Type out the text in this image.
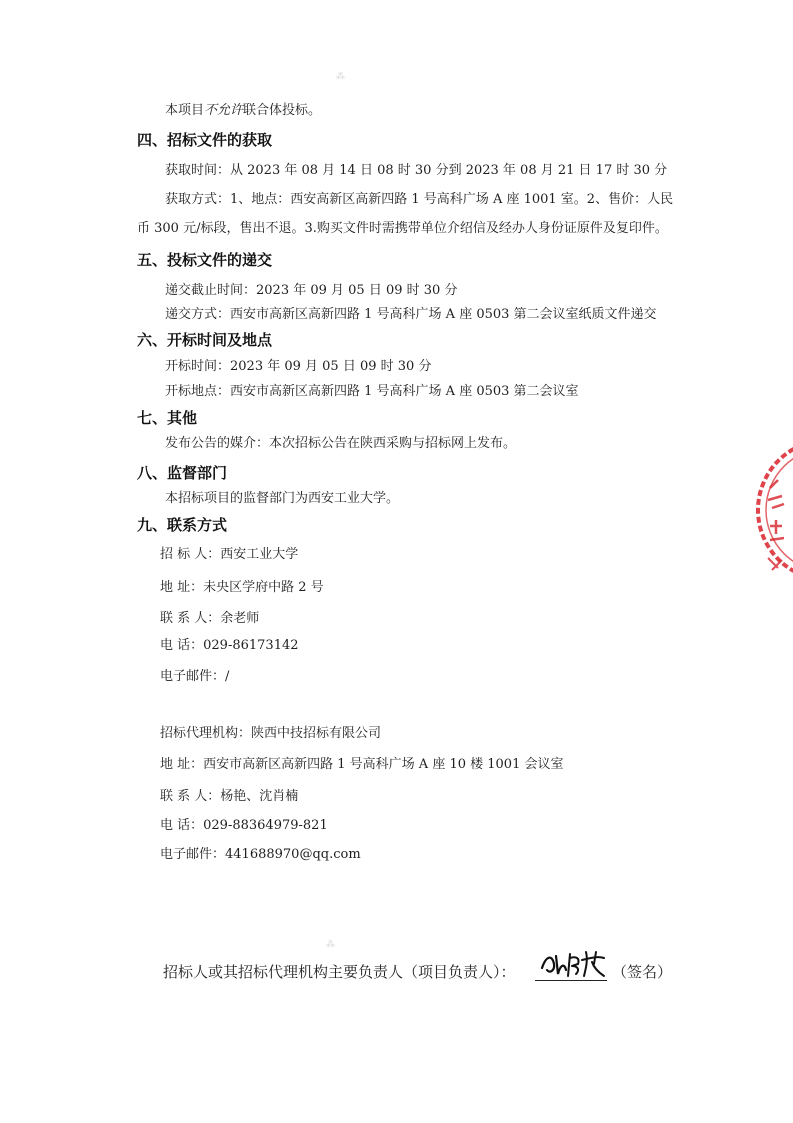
⁂
⁂
本项目不允许联合体投标。
四、招标文件的获取
获取时间：从 2023 年 08 月 14 日 08 时 30 分到 2023 年 08 月 21 日 17 时 30 分
获取方式：1、地点：西安高新区高新四路 1 号高科广场 A 座 1001 室。2、售价：人民
币 300 元/标段，售出不退。3.购买文件时需携带单位介绍信及经办人身份证原件及复印件。
五、投标文件的递交
递交截止时间：2023 年 09 月 05 日 09 时 30 分
递交方式：西安市高新区高新四路 1 号高科广场 A 座 0503 第二会议室纸质文件递交
六、开标时间及地点
开标时间：2023 年 09 月 05 日 09 时 30 分
开标地点：西安市高新区高新四路 1 号高科广场 A 座 0503 第二会议室
七、其他
发布公告的媒介：本次招标公告在陕西采购与招标网上发布。
八、监督部门
本招标项目的监督部门为西安工业大学。
九、联系方式
招 标 人：西安工业大学
地 址：未央区学府中路 2 号
联 系 人：余老师
电 话：029-86173142
电子邮件：/
招标代理机构：陕西中技招标有限公司
地 址：西安市高新区高新四路 1 号高科广场 A 座 10 楼 1001 会议室
联 系 人：杨艳、沈肖楠
电 话：029-88364979-821
电子邮件：441688970@qq.com
招标人或其招标代理机构主要负责人（项目负责人）：	（签名）
